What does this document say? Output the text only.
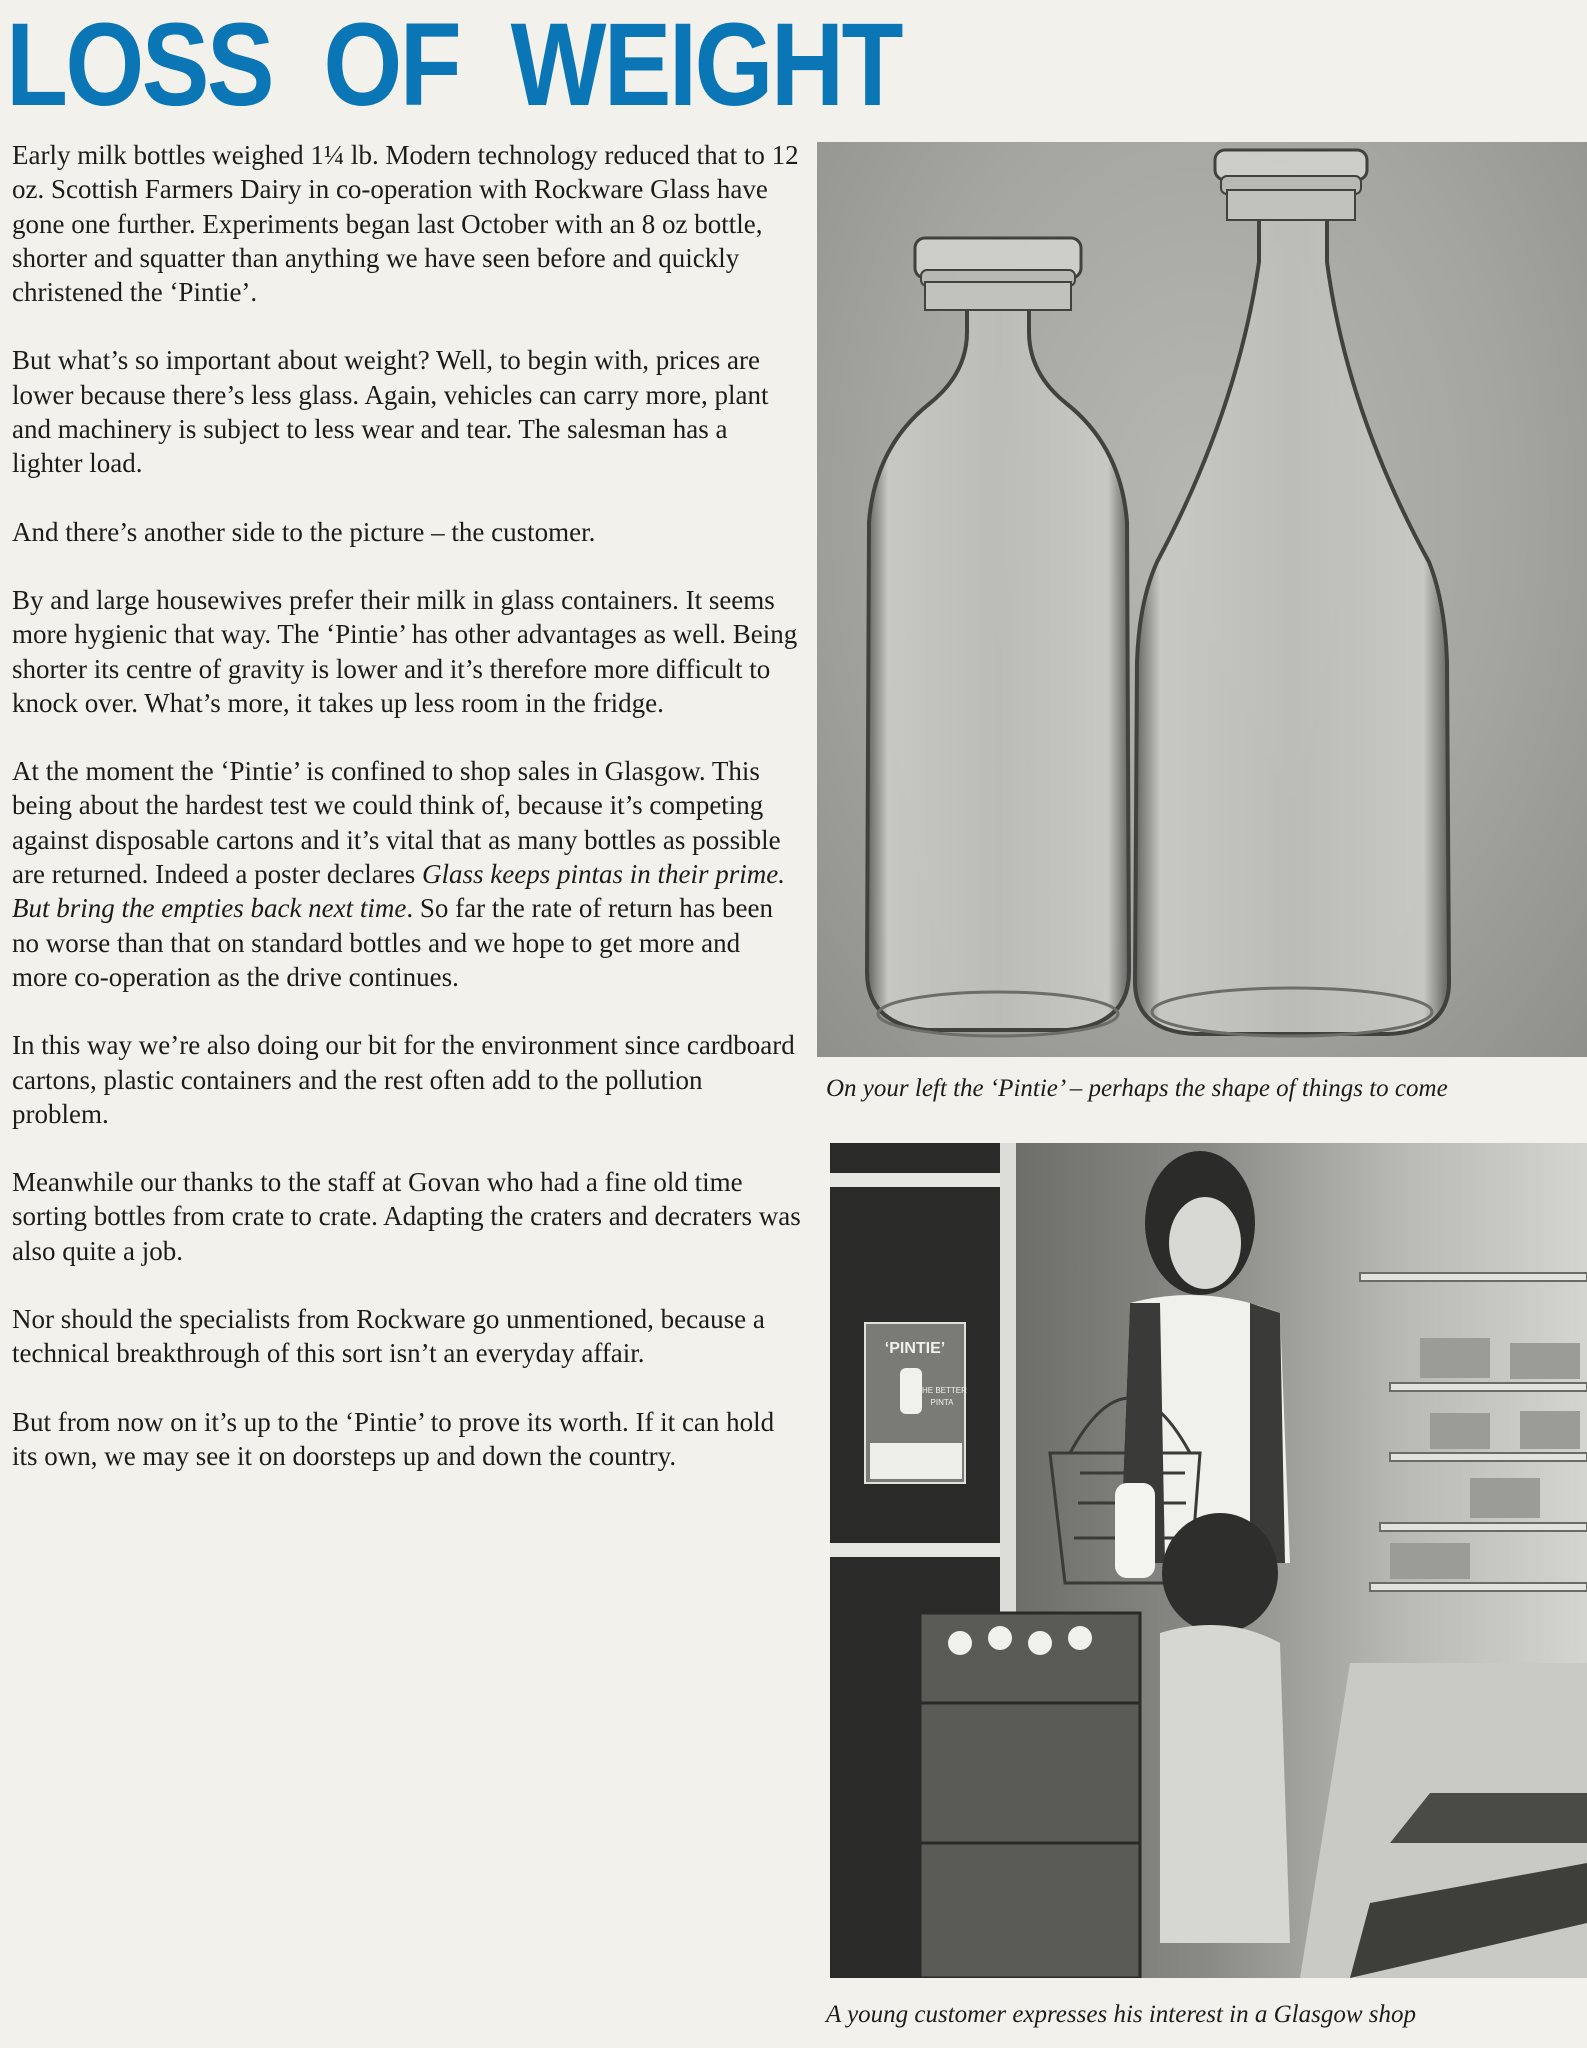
LOSS OF WEIGHT

Early milk bottles weighed 1¼ lb. Modern technology reduced that to 12 oz. Scottish Farmers Dairy in co-operation with Rockware Glass have gone one further. Experiments began last October with an 8 oz bottle, shorter and squatter than anything we have seen before and quickly christened the ‘Pintie’.

But what’s so important about weight? Well, to begin with, prices are lower because there’s less glass. Again, vehicles can carry more, plant and machinery is subject to less wear and tear. The salesman has a lighter load.

And there’s another side to the picture – the customer.

By and large housewives prefer their milk in glass containers. It seems more hygienic that way. The ‘Pintie’ has other advantages as well. Being shorter its centre of gravity is lower and it’s therefore more difficult to knock over. What’s more, it takes up less room in the fridge.

At the moment the ‘Pintie’ is confined to shop sales in Glasgow. This being about the hardest test we could think of, because it’s competing against disposable cartons and it’s vital that as many bottles as possible are returned. Indeed a poster declares Glass keeps pintas in their prime. But bring the empties back next time. So far the rate of return has been no worse than that on standard bottles and we hope to get more and more co-operation as the drive continues.

In this way we’re also doing our bit for the environment since cardboard cartons, plastic containers and the rest often add to the pollution problem.

Meanwhile our thanks to the staff at Govan who had a fine old time sorting bottles from crate to crate. Adapting the craters and decraters was also quite a job.

Nor should the specialists from Rockware go unmentioned, because a technical breakthrough of this sort isn’t an everyday affair.

But from now on it’s up to the ‘Pintie’ to prove its worth. If it can hold its own, we may see it on doorsteps up and down the country.

On your left the ‘Pintie’ – perhaps the shape of things to come

‘PINTIE’
THE BETTER
PINTA

A young customer expresses his interest in a Glasgow shop
